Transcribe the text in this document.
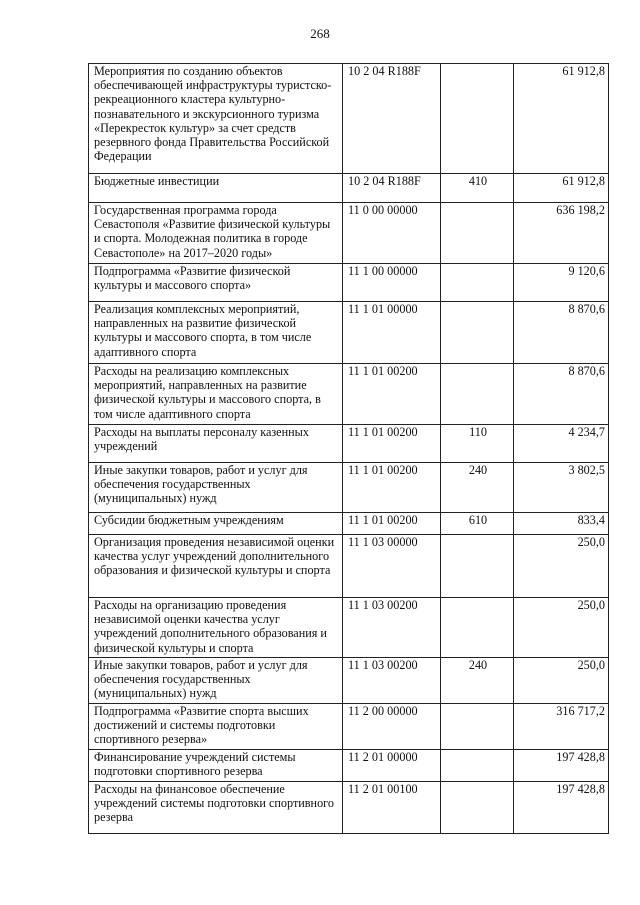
268
Мероприятия по созданию объектов обеспечивающей инфраструктуры туристско-рекреационного кластера культурно-познавательного и экскурсионного туризма «Перекресток культур» за счет средств резервного фонда Правительства Российской Федерации	10 2 04 R188F		61 912,8
Бюджетные инвестиции	10 2 04 R188F	410	61 912,8
Государственная программа города Севастополя «Развитие физической культуры и спорта. Молодежная политика в городе Севастополе» на 2017–2020 годы»	11 0 00 00000		636 198,2
Подпрограмма «Развитие физической культуры и массового спорта»	11 1 00 00000		9 120,6
Реализация комплексных мероприятий, направленных на развитие физической культуры и массового спорта, в том числе адаптивного спорта	11 1 01 00000		8 870,6
Расходы на реализацию комплексных мероприятий, направленных на развитие физической культуры и массового спорта, в том числе адаптивного спорта	11 1 01 00200		8 870,6
Расходы на выплаты персоналу казенных учреждений	11 1 01 00200	110	4 234,7
Иные закупки товаров, работ и услуг для обеспечения государственных (муниципальных) нужд	11 1 01 00200	240	3 802,5
Субсидии бюджетным учреждениям	11 1 01 00200	610	833,4
Организация проведения независимой оценки качества услуг учреждений дополнительного образования и физической культуры и спорта	11 1 03 00000		250,0
Расходы на организацию проведения независимой оценки качества услуг учреждений дополнительного образования и физической культуры и спорта	11 1 03 00200		250,0
Иные закупки товаров, работ и услуг для обеспечения государственных (муниципальных) нужд	11 1 03 00200	240	250,0
Подпрограмма «Развитие спорта высших достижений и системы подготовки спортивного резерва»	11 2 00 00000		316 717,2
Финансирование учреждений системы подготовки спортивного резерва	11 2 01 00000		197 428,8
Расходы на финансовое обеспечение учреждений системы подготовки спортивного резерва	11 2 01 00100		197 428,8
